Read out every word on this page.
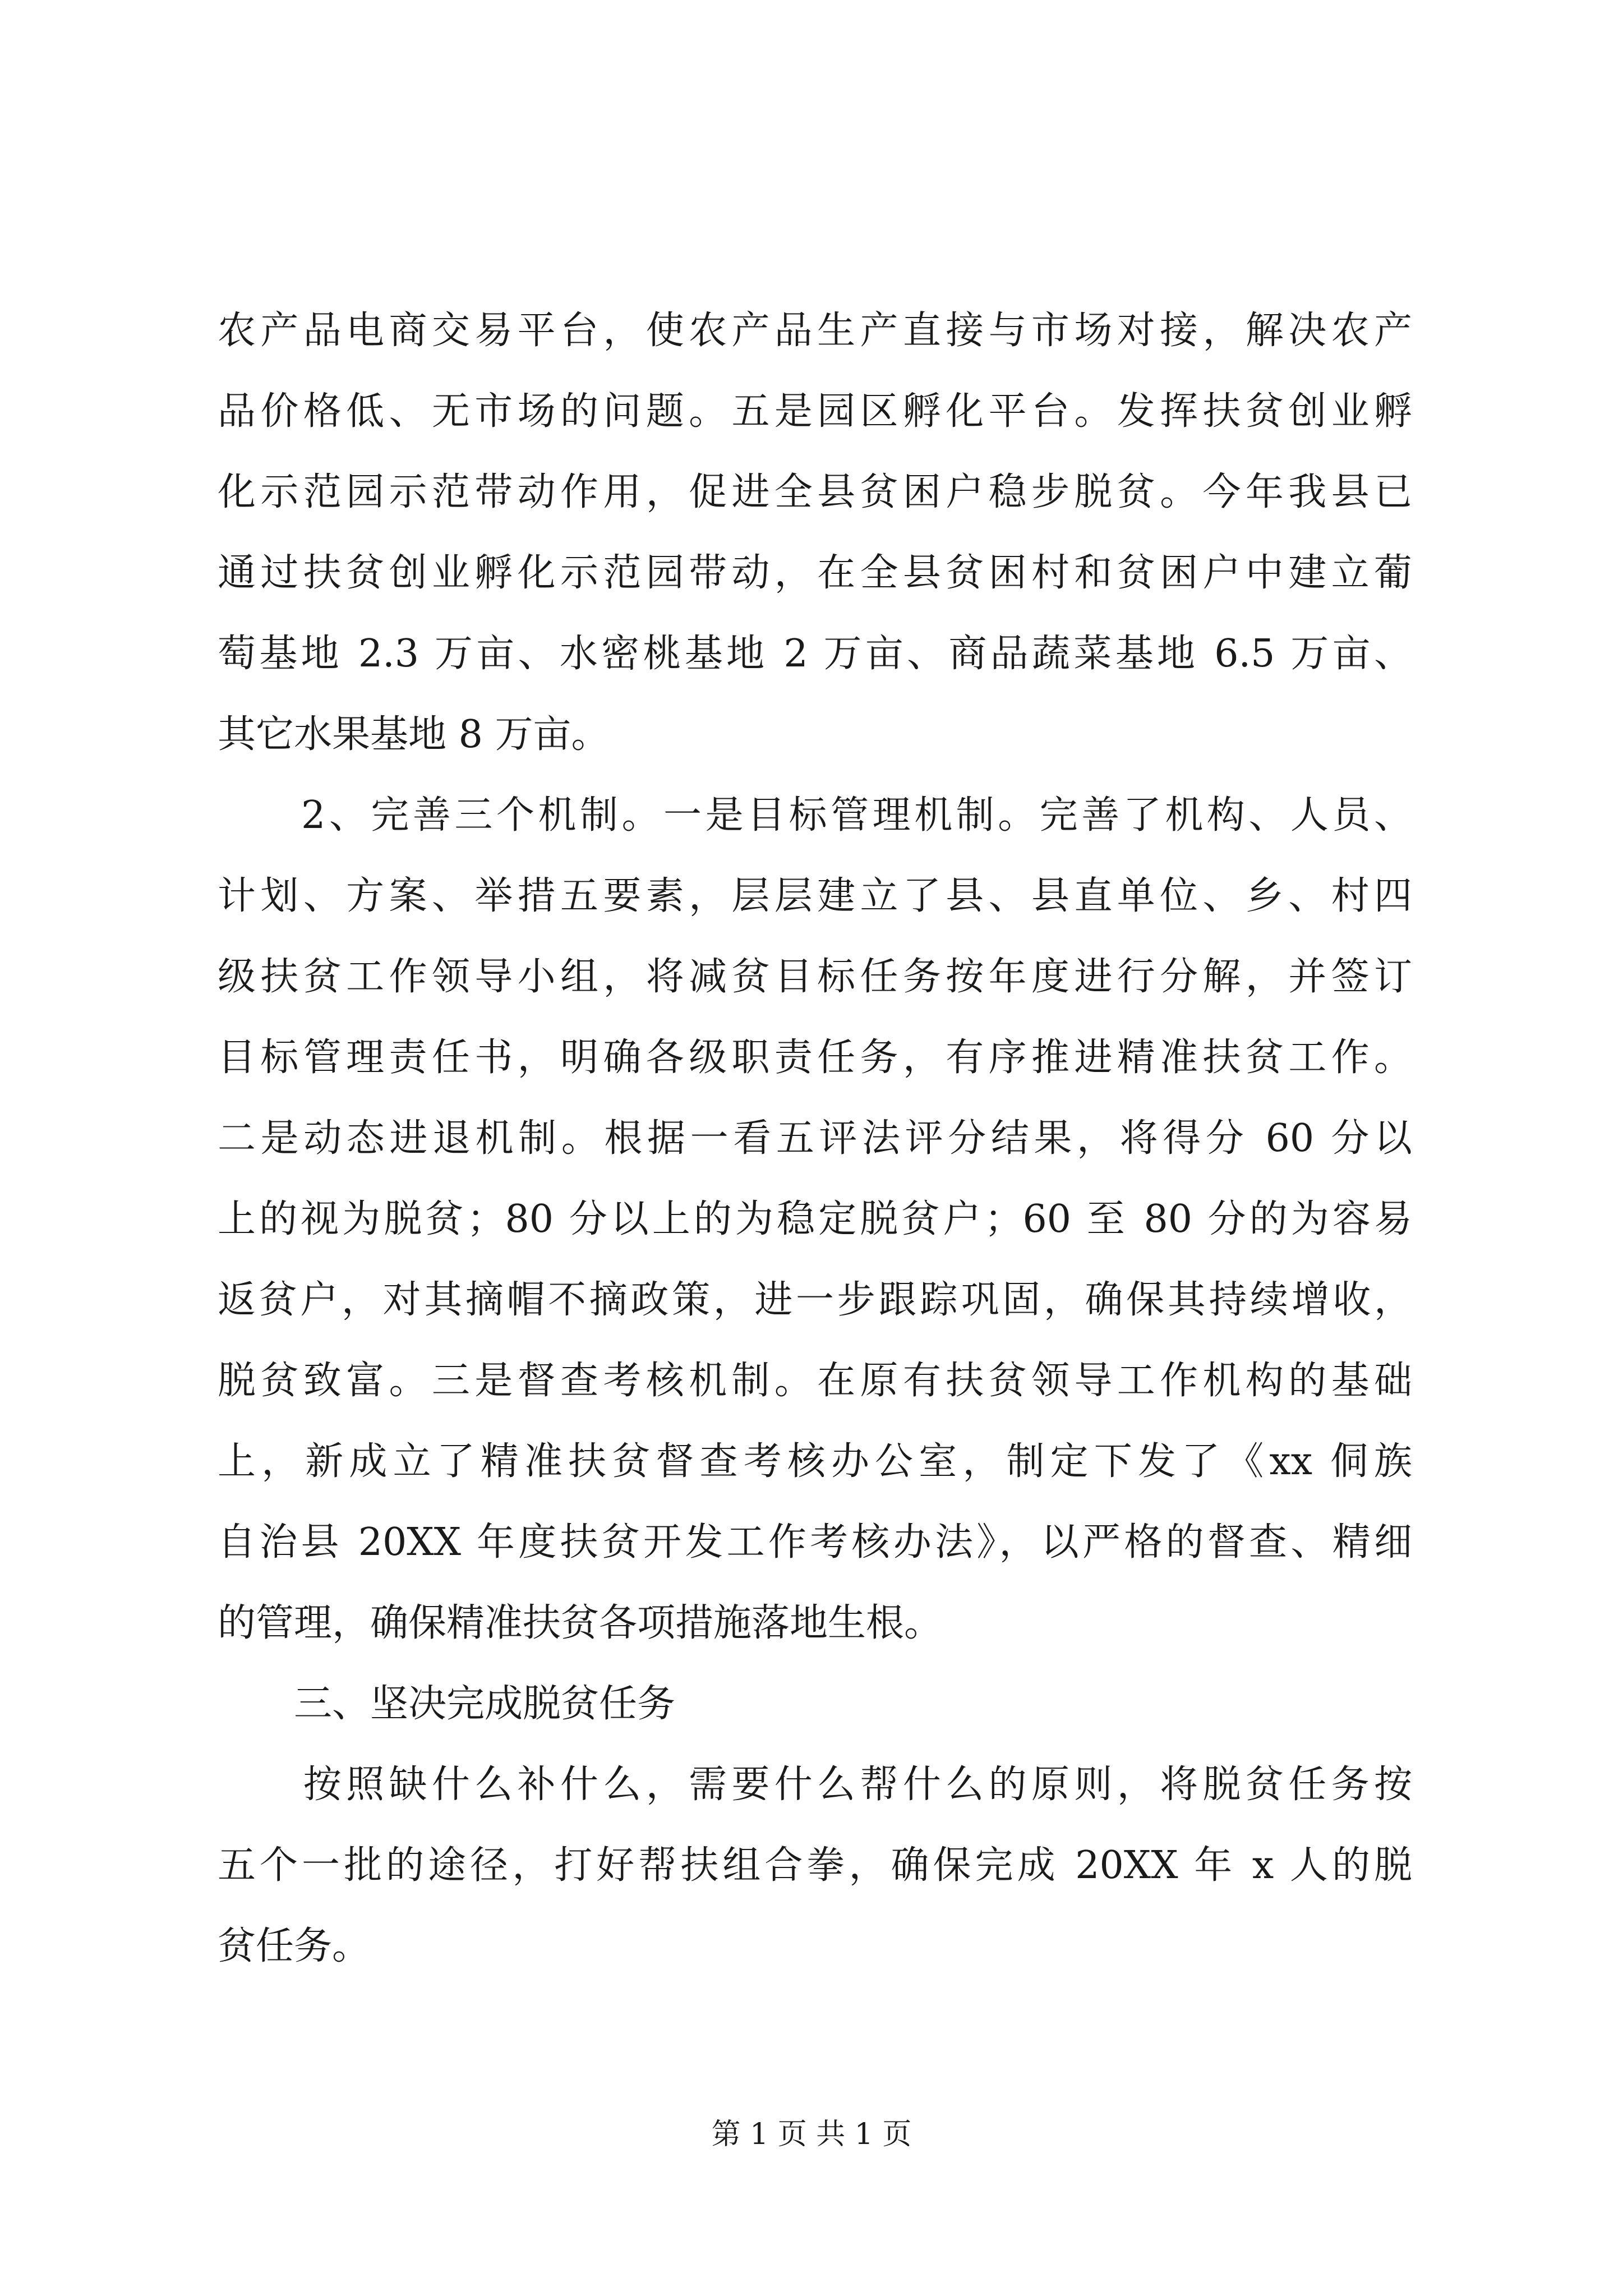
农产品电商交易平台，使农产品生产直接与市场对接，解决农产
品价格低、无市场的问题。五是园区孵化平台。发挥扶贫创业孵
化示范园示范带动作用，促进全县贫困户稳步脱贫。今年我县已
通过扶贫创业孵化示范园带动，在全县贫困村和贫困户中建立葡
萄基地 2.3 万亩、水密桃基地 2 万亩、商品蔬菜基地 6.5 万亩、
其它水果基地 8 万亩。
　　2、完善三个机制。一是目标管理机制。完善了机构、人员、
计划、方案、举措五要素，层层建立了县、县直单位、乡、村四
级扶贫工作领导小组，将减贫目标任务按年度进行分解，并签订
目标管理责任书，明确各级职责任务，有序推进精准扶贫工作。
二是动态进退机制。根据一看五评法评分结果，将得分 60 分以
上的视为脱贫；80 分以上的为稳定脱贫户；60 至 80 分的为容易
返贫户，对其摘帽不摘政策，进一步跟踪巩固，确保其持续增收，
脱贫致富。三是督查考核机制。在原有扶贫领导工作机构的基础
上，新成立了精准扶贫督查考核办公室，制定下发了《xx 侗族
自治县 20XX 年度扶贫开发工作考核办法》，以严格的督查、精细
的管理，确保精准扶贫各项措施落地生根。
　　三、坚决完成脱贫任务
　　按照缺什么补什么，需要什么帮什么的原则，将脱贫任务按
五个一批的途径，打好帮扶组合拳，确保完成 20XX 年 x 人的脱
贫任务。
第 1 页 共 1 页
